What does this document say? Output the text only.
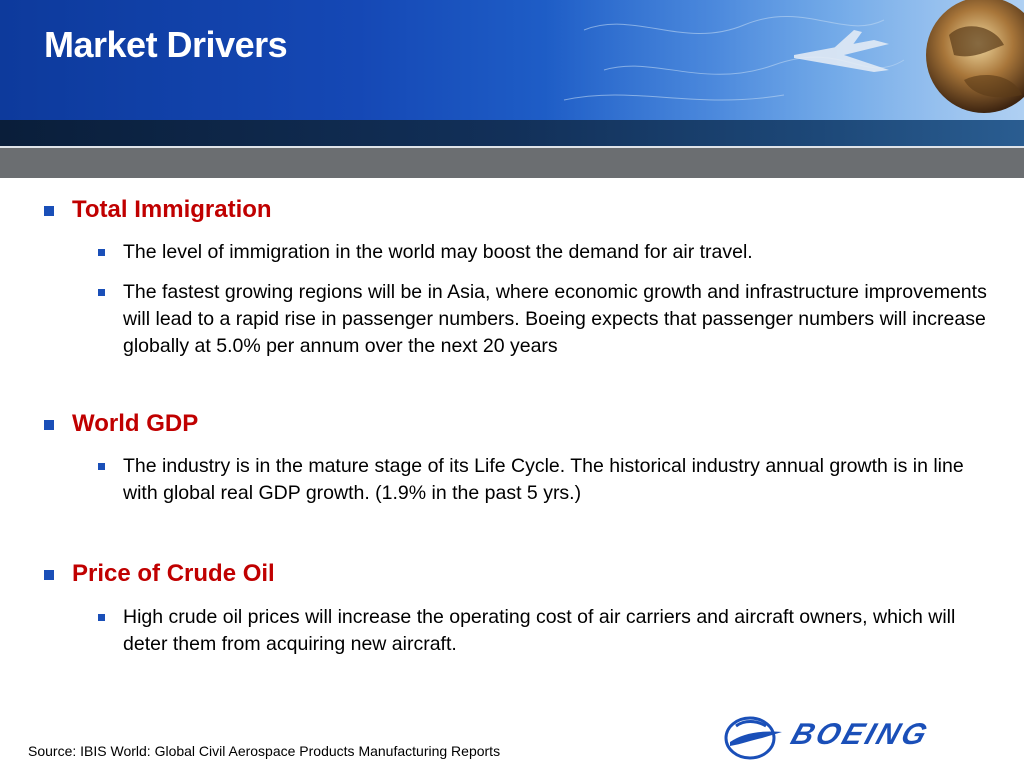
Market Drivers
Total Immigration
The level of immigration in the world may boost the demand for air travel.
The fastest growing regions will be in Asia, where economic growth and infrastructure improvements will lead to a rapid rise in passenger numbers. Boeing expects that passenger numbers will increase globally at 5.0% per annum over the next 20 years
World GDP
The industry is in the mature stage of its Life Cycle. The historical industry annual growth is in line with global real GDP growth. (1.9% in the past 5 yrs.)
Price of Crude Oil
High crude oil prices will increase the operating cost of air carriers and aircraft owners, which will deter them from acquiring new aircraft.
Source: IBIS World: Global Civil Aerospace Products Manufacturing Reports	BOEING
